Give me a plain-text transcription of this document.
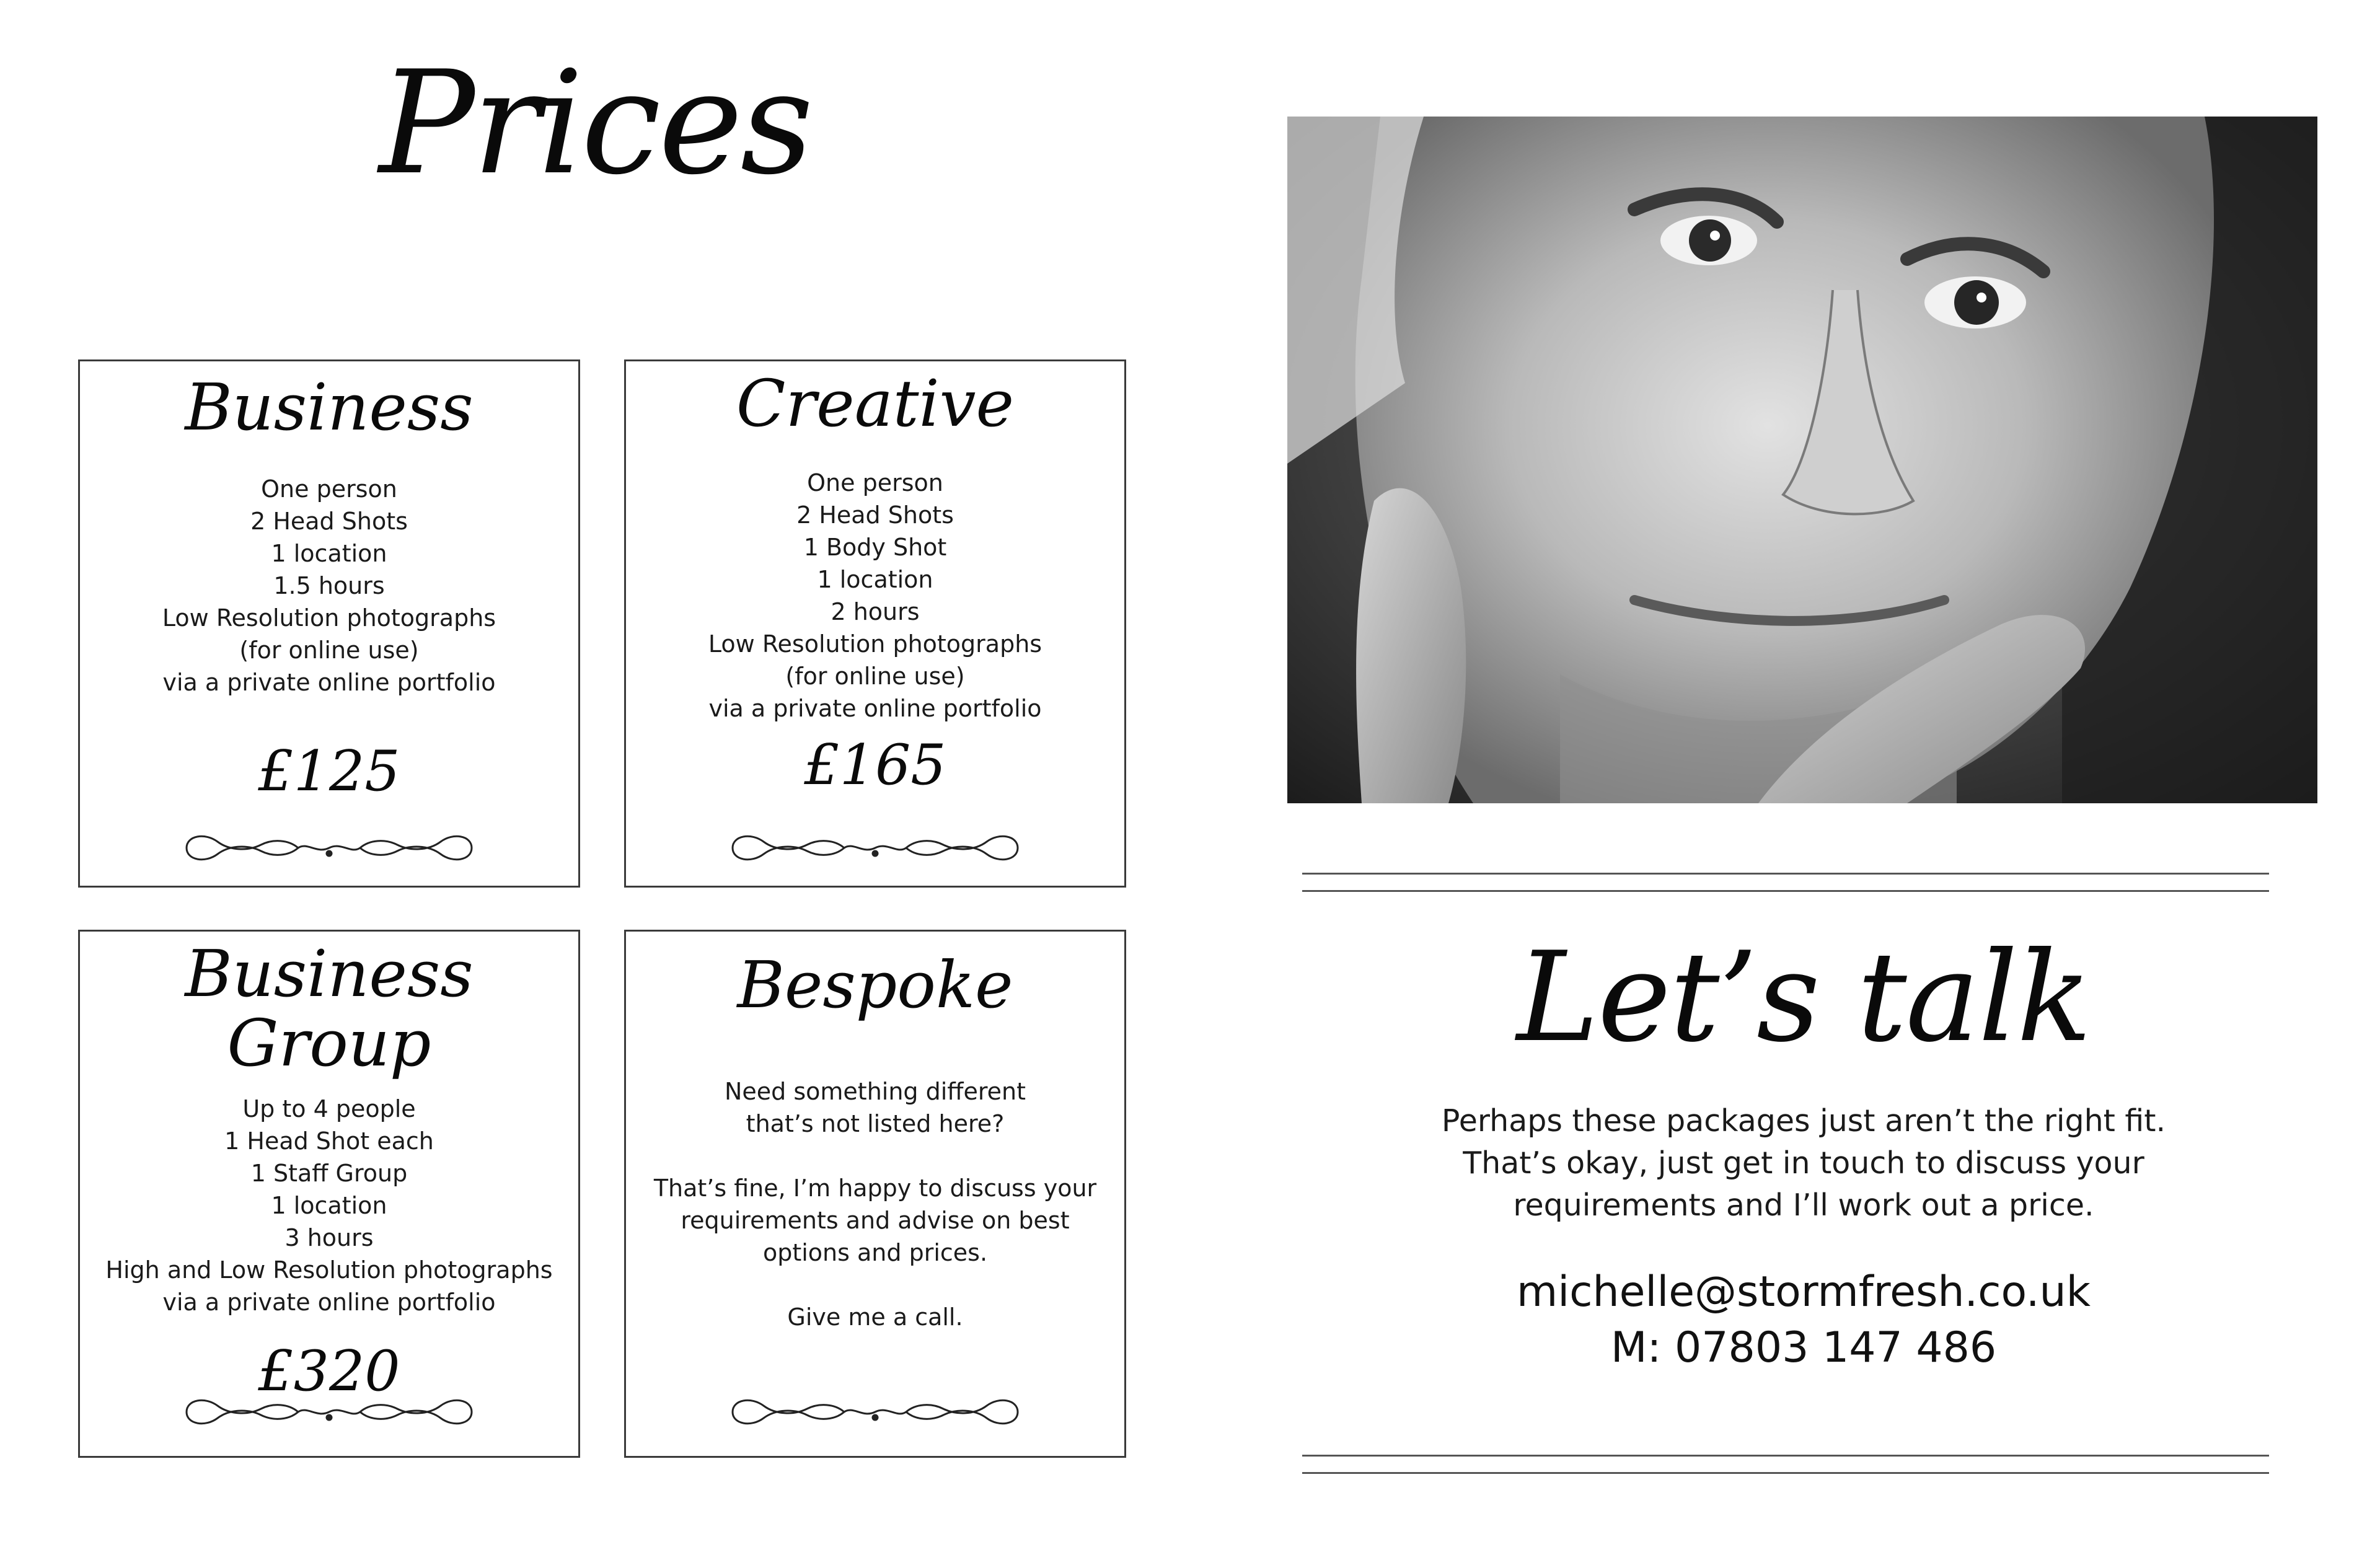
Prices
Business
One person
2 Head Shots
1 location
1.5 hours
Low Resolution photographs
(for online use)
via a private online portfolio
£125
Creative
One person
2 Head Shots
1 Body Shot
1 location
2 hours
Low Resolution photographs
(for online use)
via a private online portfolio
£165
Business
Group
Up to 4 people
1 Head Shot each
1 Staff Group
1 location
3 hours
High and Low Resolution photographs
via a private online portfolio
£320
Bespoke
Need something different
that’s not listed here?
That’s fine, I’m happy to discuss your
requirements and advise on best
options and prices.
Give me a call.
Let’s talk
Perhaps these packages just aren’t the right fit.
That’s okay, just get in touch to discuss your
requirements and I’ll work out a price.
michelle@stormfresh.co.uk
M: 07803 147 486
